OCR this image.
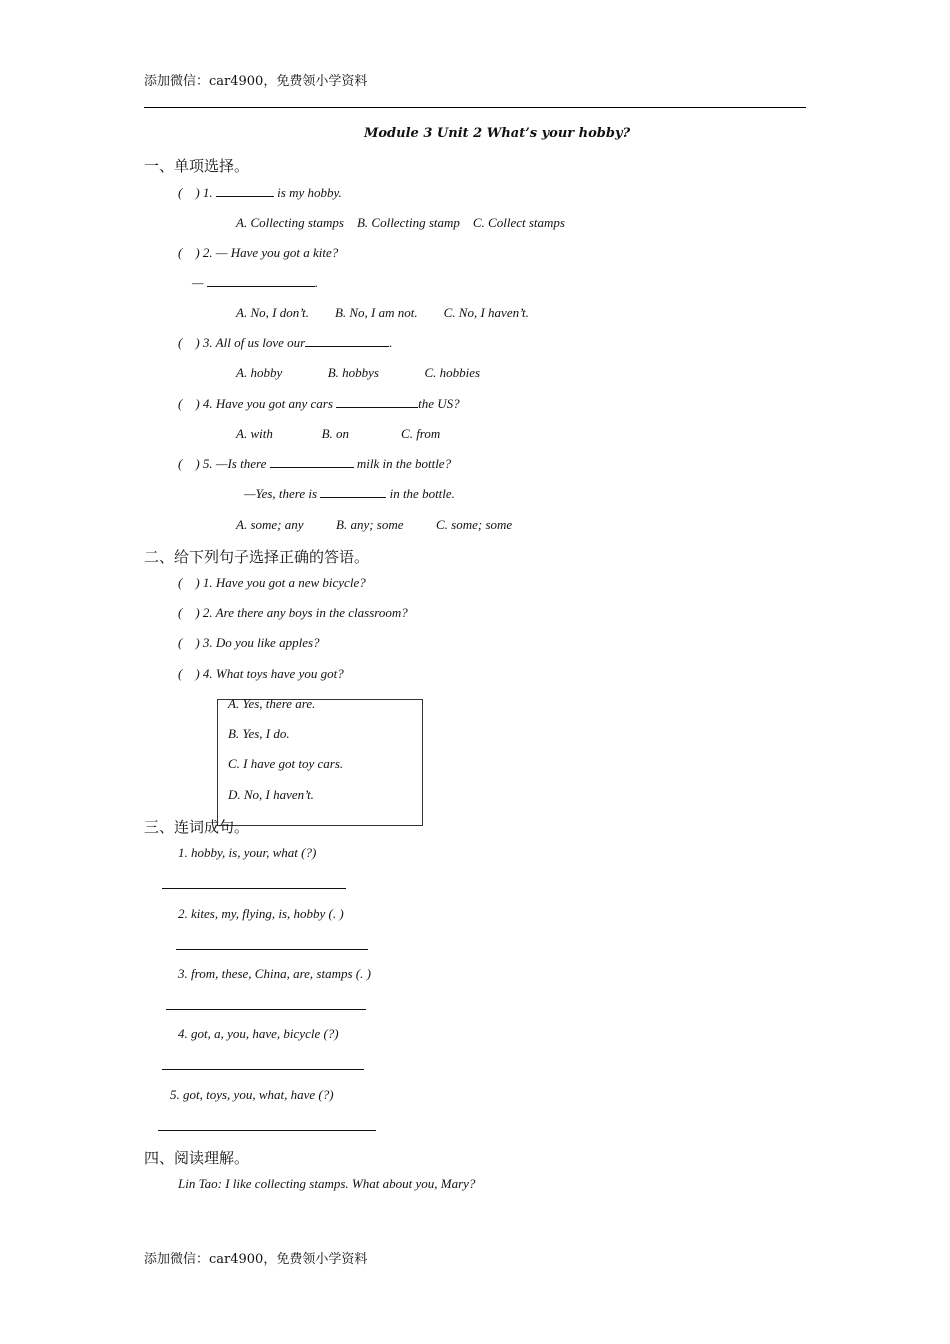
添加微信：car4900，免费领小学资料
Module 3 Unit 2 What’s your hobby?
一、单项选择。
(    ) 1.	is my hobby.
A. Collecting stamps    B. Collecting stamp    C. Collect stamps
(    ) 2. — Have you got a kite?
—	.
A. No, I don’t.        B. No, I am not.        C. No, I haven’t.
(    ) 3. All of us love our	.
A. hobby              B. hobbys              C. hobbies
(    ) 4. Have you got any cars	the US?
A. with               B. on                C. from
(    ) 5. —Is there	milk in the bottle?
—Yes, there is	in the bottle.
A. some; any          B. any; some          C. some; some
二、给下列句子选择正确的答语。
(    ) 1. Have you got a new bicycle?
(    ) 2. Are there any boys in the classroom?
(    ) 3. Do you like apples?
(    ) 4. What toys have you got?
A. Yes, there are.
B. Yes, I do.
C. I have got toy cars.
D. No, I haven’t.
三、连词成句。
1. hobby, is, your, what (?)
2. kites, my, flying, is, hobby (. )
3. from, these, China, are, stamps (. )
4. got, a, you, have, bicycle (?)
5. got, toys, you, what, have (?)
四、阅读理解。
Lin Tao: I like collecting stamps. What about you, Mary?
添加微信：car4900，免费领小学资料
